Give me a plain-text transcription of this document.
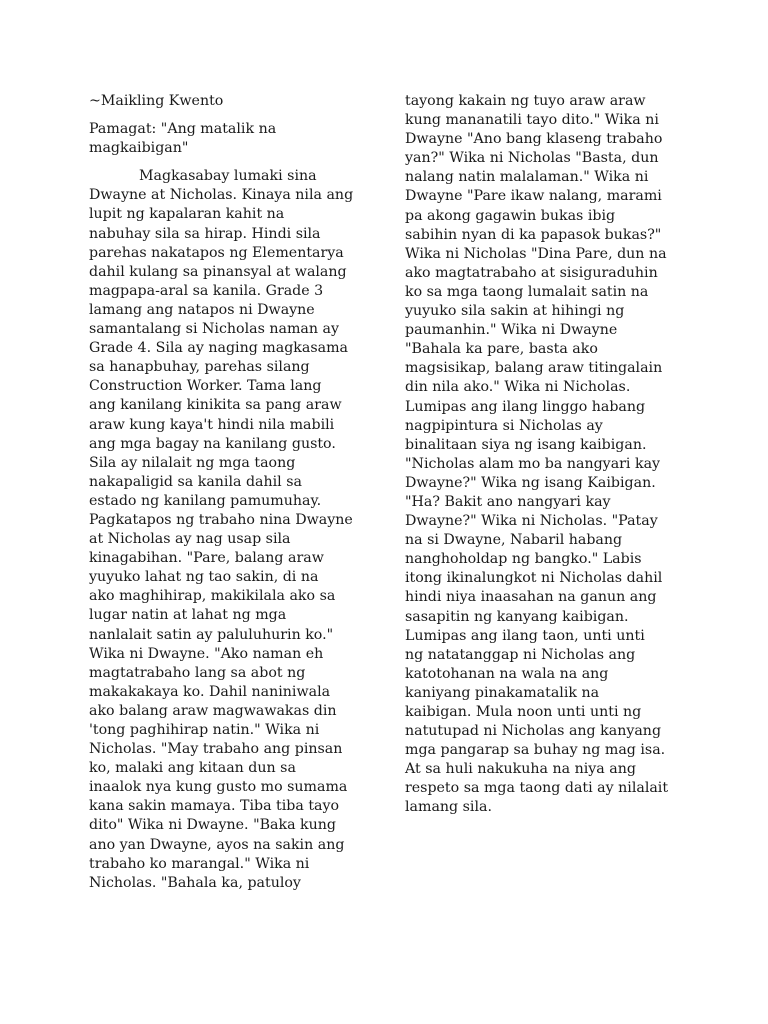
~Maikling Kwento
Pamagat: "Ang matalik na
magkaibigan"
Magkasabay lumaki sina
Dwayne at Nicholas. Kinaya nila ang
lupit ng kapalaran kahit na
nabuhay sila sa hirap. Hindi sila
parehas nakatapos ng Elementarya
dahil kulang sa pinansyal at walang
magpapa-aral sa kanila. Grade 3
lamang ang natapos ni Dwayne
samantalang si Nicholas naman ay
Grade 4. Sila ay naging magkasama
sa hanapbuhay, parehas silang
Construction Worker. Tama lang
ang kanilang kinikita sa pang araw
araw kung kaya't hindi nila mabili
ang mga bagay na kanilang gusto.
Sila ay nilalait ng mga taong
nakapaligid sa kanila dahil sa
estado ng kanilang pamumuhay.
Pagkatapos ng trabaho nina Dwayne
at Nicholas ay nag usap sila
kinagabihan. "Pare, balang araw
yuyuko lahat ng tao sakin, di na
ako maghihirap, makikilala ako sa
lugar natin at lahat ng mga
nanlalait satin ay paluluhurin ko."
Wika ni Dwayne. "Ako naman eh
magtatrabaho lang sa abot ng
makakakaya ko. Dahil naniniwala
ako balang araw magwawakas din
'tong paghihirap natin." Wika ni
Nicholas. "May trabaho ang pinsan
ko, malaki ang kitaan dun sa
inaalok nya kung gusto mo sumama
kana sakin mamaya. Tiba tiba tayo
dito" Wika ni Dwayne. "Baka kung
ano yan Dwayne, ayos na sakin ang
trabaho ko marangal." Wika ni
Nicholas. "Bahala ka, patuloy
tayong kakain ng tuyo araw araw
kung mananatili tayo dito." Wika ni
Dwayne "Ano bang klaseng trabaho
yan?" Wika ni Nicholas "Basta, dun
nalang natin malalaman." Wika ni
Dwayne "Pare ikaw nalang, marami
pa akong gagawin bukas ibig
sabihin nyan di ka papasok bukas?"
Wika ni Nicholas "Dina Pare, dun na
ako magtatrabaho at sisiguraduhin
ko sa mga taong lumalait satin na
yuyuko sila sakin at hihingi ng
paumanhin." Wika ni Dwayne
"Bahala ka pare, basta ako
magsisikap, balang araw titingalain
din nila ako." Wika ni Nicholas.
Lumipas ang ilang linggo habang
nagpipintura si Nicholas ay
binalitaan siya ng isang kaibigan.
"Nicholas alam mo ba nangyari kay
Dwayne?" Wika ng isang Kaibigan.
"Ha? Bakit ano nangyari kay
Dwayne?" Wika ni Nicholas. "Patay
na si Dwayne, Nabaril habang
nanghoholdap ng bangko." Labis
itong ikinalungkot ni Nicholas dahil
hindi niya inaasahan na ganun ang
sasapitin ng kanyang kaibigan.
Lumipas ang ilang taon, unti unti
ng natatanggap ni Nicholas ang
katotohanan na wala na ang
kaniyang pinakamatalik na
kaibigan. Mula noon unti unti ng
natutupad ni Nicholas ang kanyang
mga pangarap sa buhay ng mag isa.
At sa huli nakukuha na niya ang
respeto sa mga taong dati ay nilalait
lamang sila.
